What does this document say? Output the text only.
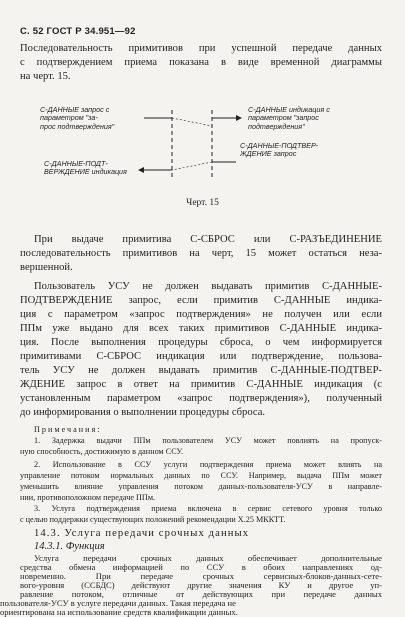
С. 52 ГОСТ Р 34.951—92
Последовательность примитивов при успешной передаче данных
с подтверждением приема показана в виде временной диаграммы
на черт. 15.
С-ДАННЫЕ запрос с
параметром "за-
прос подтверждения"
С-ДАННЫЕ-ПОДТ-
ВЕРЖДЕНИЕ индикация
С-ДАННЫЕ индикация с
параметром "запрос
подтверждения"
С-ДАННЫЕ-ПОДТВЕР-
ЖДЕНИЕ запрос
Черт. 15
При выдаче примитива С-СБРОС или С-РАЗЪЕДИНЕНИЕ
последовательность примитивов на черт, 15 может остаться неза-
вершенной.
Пользователь УСУ не должен выдавать примитив С-ДАННЫЕ-
ПОДТВЕРЖДЕНИЕ запрос, если примитив С-ДАННЫЕ индика-
ция с параметром «запрос подтверждения» не получен или если
ППм уже выдано для всех таких примитивов С-ДАННЫЕ индика-
ция. После выполнения процедуры сброса, о чем информируется
примитивами С-СБРОС индикация или подтверждение, пользова-
тель УСУ не должен выдавать примитив С-ДАННЫЕ-ПОДТВЕР-
ЖДЕНИЕ запрос в ответ на примитив С-ДАННЫЕ индикация (с
установленным параметром «запрос подтверждения»), полученный
до информирования о выполнении процедуры сброса.
Примечания:
1. Задержка выдачи ППм пользователем УСУ может повлиять на пропуск-
ную способность, достижимую в данном ССУ.
2. Использование в ССУ услуги подтверждения приема может влиять на
управление потоком нормальных данных по ССУ. Например, выдача ППм может
уменьшить влияние управления потоком данных-пользователя-УСУ в направле-
нии, противоположном передаче ППм.
3. Услуга подтверждения приема включена в сервис сетевого уровня только
с целью поддержки существующих положений рекомендации X.25 МККТТ.
14.3. Услуга передачи срочных данных
14.3.1. Функция
Услуга передачи срочных данных обеспечивает дополнительные
средства обмена информацией по ССУ в обоих направлениях од-
новременно. При передаче срочных сервисных-блоков-данных-сете-
вого-уровня (ССБДС) действуют другие значения КУ и другое уп-
равление потоком, отличные от действующих при передаче данных
пользователя-УСУ в услуге передачи данных. Такая передача не
ориентирована на использование средств квалификации данных.
